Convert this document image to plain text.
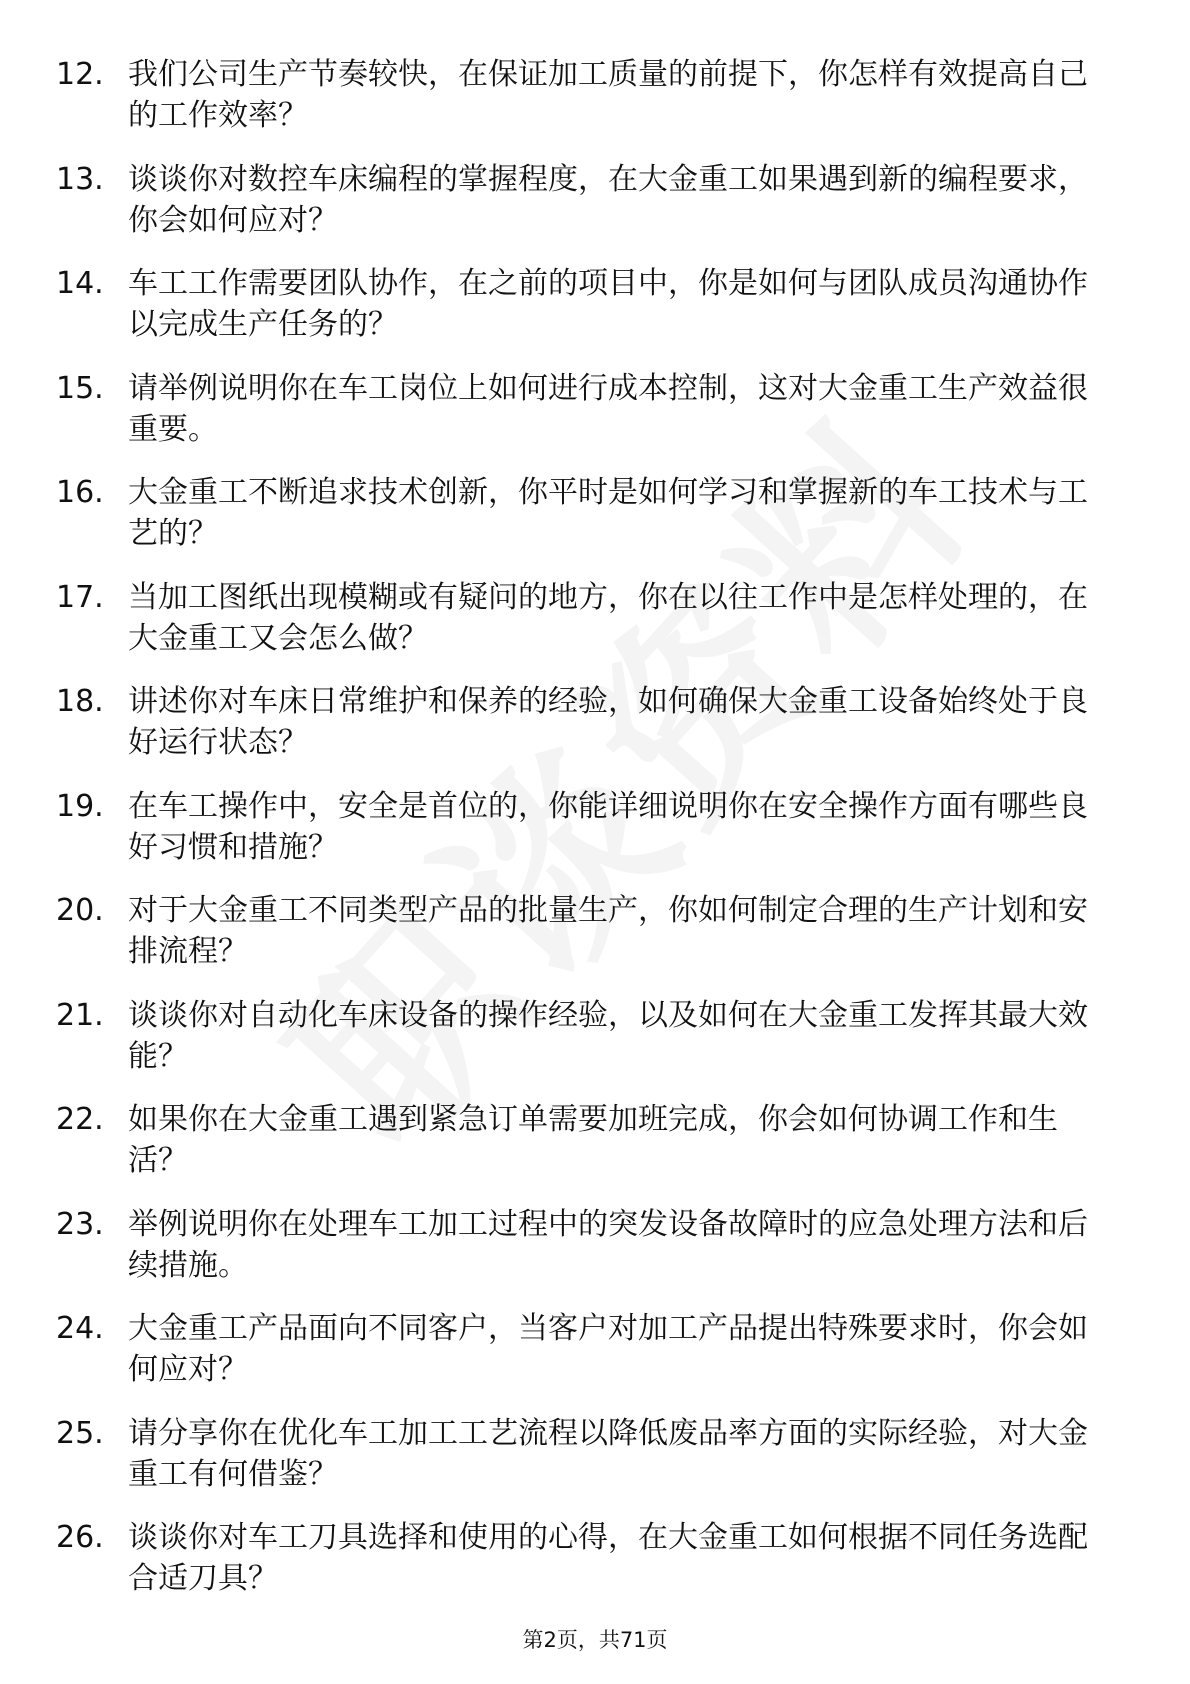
12. 我们公司生产节奏较快，在保证加工质量的前提下，你怎样有效提高自己的工作效率？
13. 谈谈你对数控车床编程的掌握程度，在大金重工如果遇到新的编程要求，你会如何应对？
14. 车工工作需要团队协作，在之前的项目中，你是如何与团队成员沟通协作以完成生产任务的？
15. 请举例说明你在车工岗位上如何进行成本控制，这对大金重工生产效益很重要。
16. 大金重工不断追求技术创新，你平时是如何学习和掌握新的车工技术与工艺的？
17. 当加工图纸出现模糊或有疑问的地方，你在以往工作中是怎样处理的，在大金重工又会怎么做？
18. 讲述你对车床日常维护和保养的经验，如何确保大金重工设备始终处于良好运行状态？
19. 在车工操作中，安全是首位的，你能详细说明你在安全操作方面有哪些良好习惯和措施？
20. 对于大金重工不同类型产品的批量生产，你如何制定合理的生产计划和安排流程？
21. 谈谈你对自动化车床设备的操作经验，以及如何在大金重工发挥其最大效能？
22. 如果你在大金重工遇到紧急订单需要加班完成，你会如何协调工作和生活？
23. 举例说明你在处理车工加工过程中的突发设备故障时的应急处理方法和后续措施。
24. 大金重工产品面向不同客户，当客户对加工产品提出特殊要求时，你会如何应对？
25. 请分享你在优化车工加工工艺流程以降低废品率方面的实际经验，对大金重工有何借鉴？
26. 谈谈你对车工刀具选择和使用的心得，在大金重工如何根据不同任务选配合适刀具？
第2页，共71页
